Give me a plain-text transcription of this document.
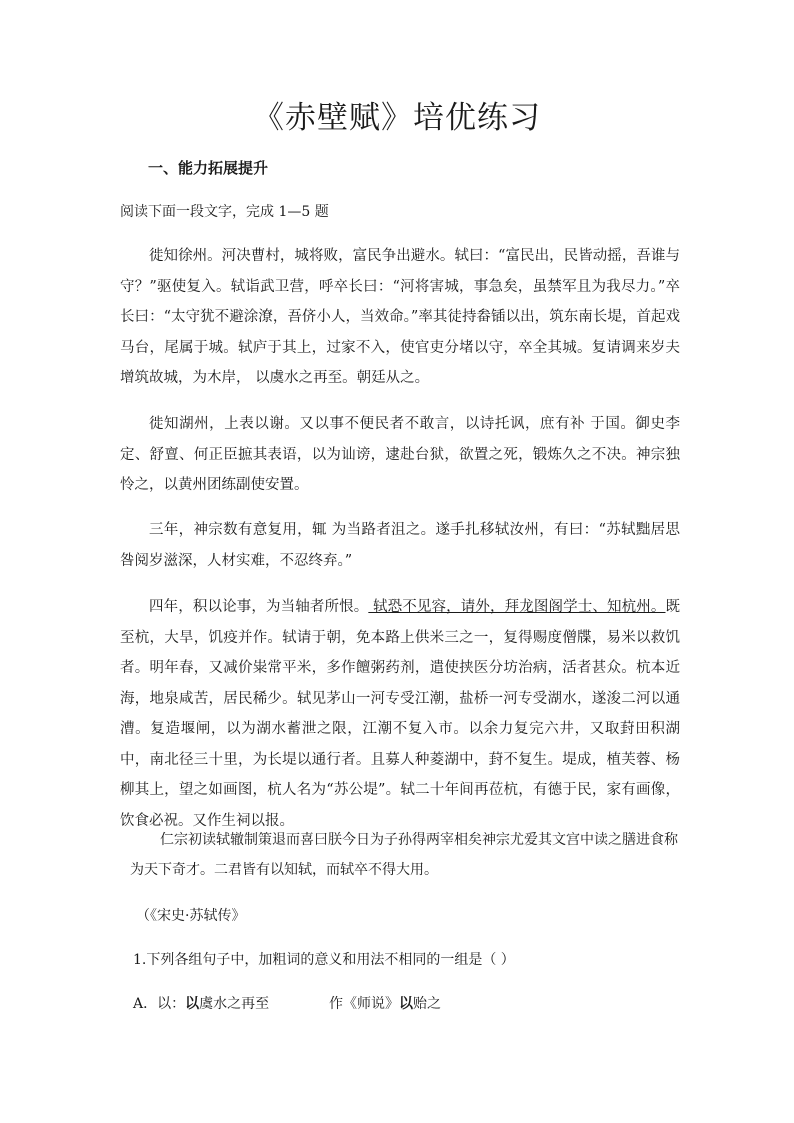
《赤壁赋》培优练习
一、能力拓展提升
阅读下面一段文字，完成 1—5 题

徙知徐州。河决曹村，城将败，富民争出避水。轼曰：“富民出，民皆动摇，吾谁与守？”驱使复入。轼诣武卫营，呼卒长曰：“河将害城，事急矣，虽禁军且为我尽力。”卒长曰：“太守犹不避涂潦，吾侪小人，当效命。”率其徒持畚锸以出，筑东南长堤，首起戏马台，尾属于城。轼庐于其上，过家不入，使官吏分堵以守，卒全其城。复请调来岁夫增筑故城，为木岸， 以虞水之再至。朝廷从之。

徙知湖州，上表以谢。又以事不便民者不敢言，以诗托讽，庶有补 于国。御史李定、舒亶、何正臣摭其表语，以为讪谤，逮赴台狱，欲置之死，锻炼久之不决。神宗独怜之，以黄州团练副使安置。

三年，神宗数有意复用，辄 为当路者沮之。遂手扎移轼汝州，有曰：“苏轼黜居思咎阅岁滋深，人材实难，不忍终弃。”

四年，积以论事，为当轴者所恨。 轼恐不见容，请外，拜龙图阁学士、知杭州。既至杭，大旱，饥疫并作。轼请于朝，免本路上供米三之一，复得赐度僧牒，易米以救饥 者。明年春，又减价粜常平米，多作饘粥药剂，遣使挟医分坊治病，活者甚众。杭本近海，地泉咸苦，居民稀少。轼见茅山一河专受江潮，盐桥一河专受湖水，遂浚二河以通漕。复造堰闸，以为湖水蓄泄之限，江潮不复入市。以余力复完六井，又取葑田积湖中，南北径三十里，为长堤以通行者。且募人种菱湖中，葑不复生。堤成，植芙蓉、杨柳其上，望之如画图，杭人名为“苏公堤”。轼二十年间再莅杭，有德于民，家有画像，饮食必祝。又作生祠以报。

仁宗初读轼辙制策退而喜曰朕今日为子孙得两宰相矣神宗尤爱其文宫中读之膳进食称为天下奇才。二君皆有以知轼，而轼卒不得大用。

（《宋史·苏轼传》
1.下列各组句子中，加粗词的意义和用法不相同的一组是（ ）
A．以：以虞水之再至	作《师说》以贻之
